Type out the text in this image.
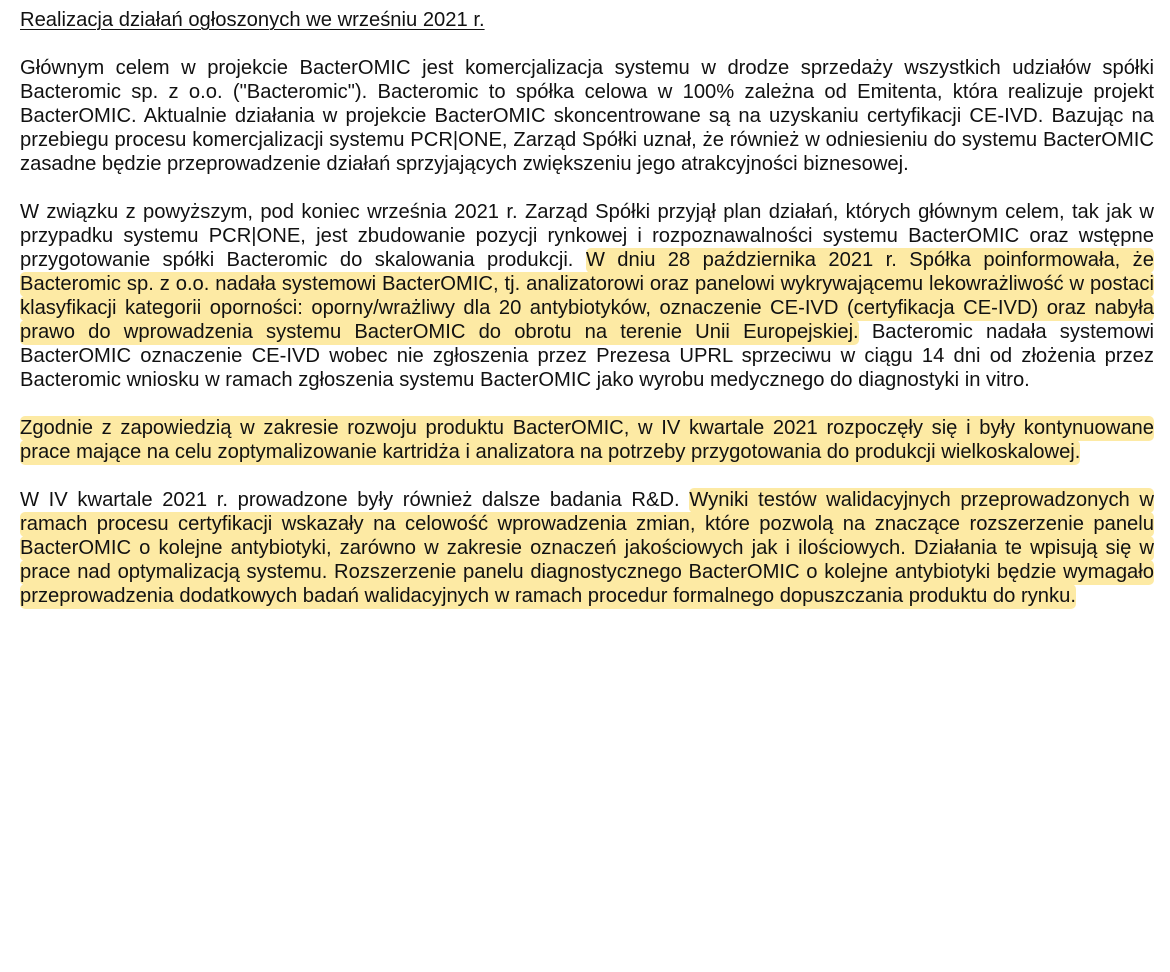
Realizacja działań ogłoszonych we wrześniu 2021 r.

Głównym celem w projekcie BacterOMIC jest komercjalizacja systemu w drodze sprzedaży wszystkich udziałów spółki Bacteromic sp. z o.o. ("Bacteromic"). Bacteromic to spółka celowa w 100% zależna od Emitenta, która realizuje projekt BacterOMIC. Aktualnie działania w projekcie BacterOMIC skoncentrowane są na uzyskaniu certyfikacji CE-IVD. Bazując na przebiegu procesu komercjalizacji systemu PCR|ONE, Zarząd Spółki uznał, że również w odniesieniu do systemu BacterOMIC zasadne będzie przeprowadzenie działań sprzyjających zwiększeniu jego atrakcyjności biznesowej.

W związku z powyższym, pod koniec września 2021 r. Zarząd Spółki przyjął plan działań, których głównym celem, tak jak w przypadku systemu PCR|ONE, jest zbudowanie pozycji rynkowej i rozpoznawalności systemu BacterOMIC oraz wstępne przygotowanie spółki Bacteromic do skalowania produkcji. W dniu 28 października 2021 r. Spółka poinformowała, że Bacteromic sp. z o.o. nadała systemowi BacterOMIC, tj. analizatorowi oraz panelowi wykrywającemu lekowrażliwość w postaci klasyfikacji kategorii oporności: oporny/wrażliwy dla 20 antybiotyków, oznaczenie CE-IVD (certyfikacja CE-IVD) oraz nabyła prawo do wprowadzenia systemu BacterOMIC do obrotu na terenie Unii Europejskiej. Bacteromic nadała systemowi BacterOMIC oznaczenie CE-IVD wobec nie zgłoszenia przez Prezesa UPRL sprzeciwu w ciągu 14 dni od złożenia przez Bacteromic wniosku w ramach zgłoszenia systemu BacterOMIC jako wyrobu medycznego do diagnostyki in vitro.

Zgodnie z zapowiedzią w zakresie rozwoju produktu BacterOMIC, w IV kwartale 2021 rozpoczęły się i były kontynuowane prace mające na celu zoptymalizowanie kartridża i analizatora na potrzeby przygotowania do produkcji wielkoskalowej.

W IV kwartale 2021 r. prowadzone były również dalsze badania R&D. Wyniki testów walidacyjnych przeprowadzonych w ramach procesu certyfikacji wskazały na celowość wprowadzenia zmian, które pozwolą na znaczące rozszerzenie panelu BacterOMIC o kolejne antybiotyki, zarówno w zakresie oznaczeń jakościowych jak i ilościowych. Działania te wpisują się w prace nad optymalizacją systemu. Rozszerzenie panelu diagnostycznego BacterOMIC o kolejne antybiotyki będzie wymagało przeprowadzenia dodatkowych badań walidacyjnych w ramach procedur formalnego dopuszczania produktu do rynku.
